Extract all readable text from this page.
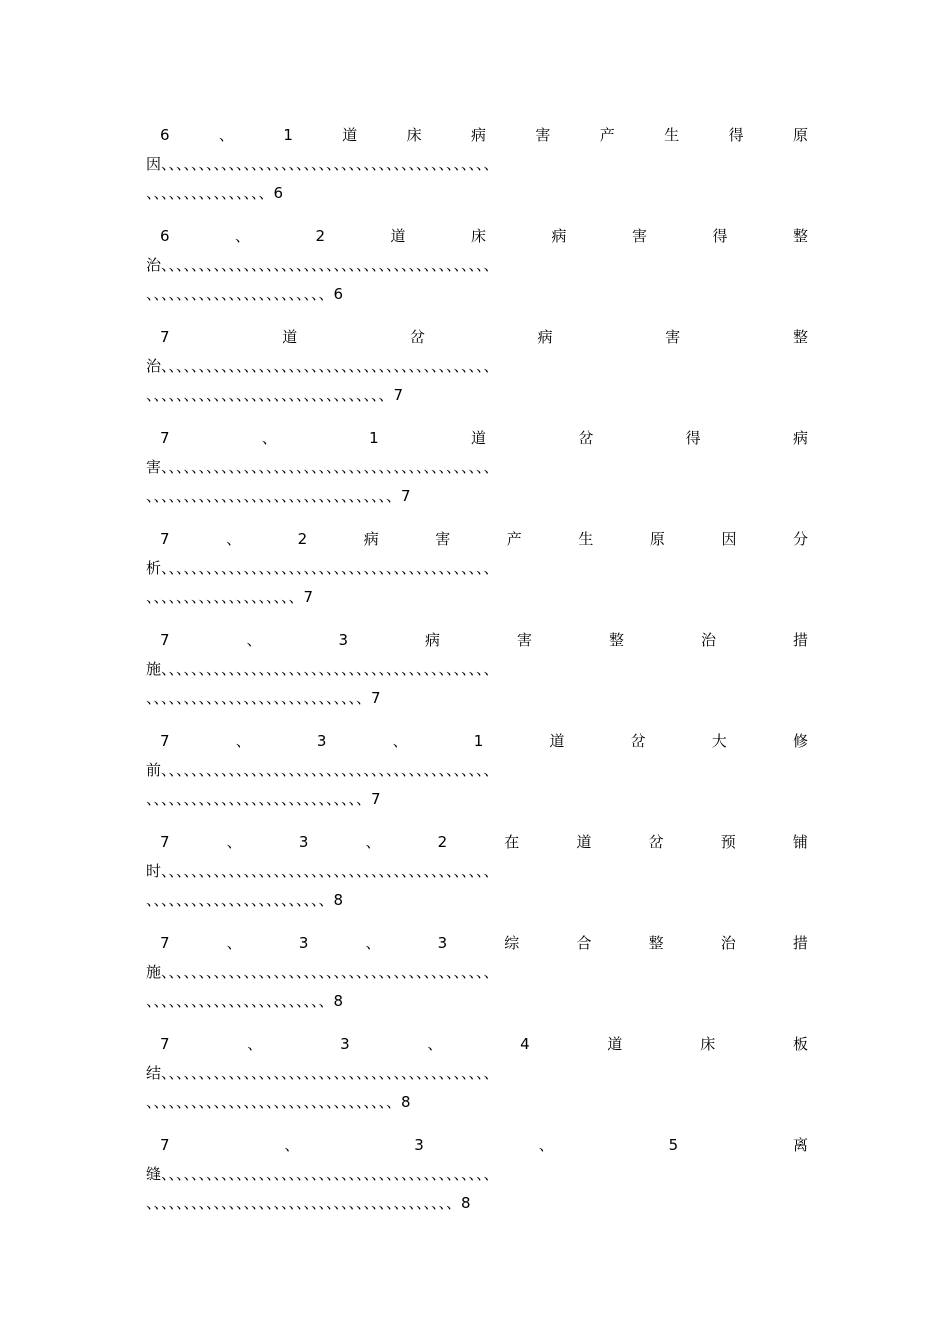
6	、	1	道	床	病	害	产	生	得	原
因、、、、、、、、、、、、、、、、、、、、、、、、、、、、、、、、、、、、、、、、、、、、
、、、、、、、、、、、、、、、、6
6	、	2	道	床	病	害	得	整
治、、、、、、、、、、、、、、、、、、、、、、、、、、、、、、、、、、、、、、、、、、、、
、、、、、、、、、、、、、、、、、、、、、、、、6
7	道	岔	病	害	整
治、、、、、、、、、、、、、、、、、、、、、、、、、、、、、、、、、、、、、、、、、、、、
、、、、、、、、、、、、、、、、、、、、、、、、、、、、、、、、7
7	、	1	道	岔	得	病
害、、、、、、、、、、、、、、、、、、、、、、、、、、、、、、、、、、、、、、、、、、、、
、、、、、、、、、、、、、、、、、、、、、、、、、、、、、、、、、7
7	、	2	病	害	产	生	原	因	分
析、、、、、、、、、、、、、、、、、、、、、、、、、、、、、、、、、、、、、、、、、、、、
、、、、、、、、、、、、、、、、、、、、7
7	、	3	病	害	整	治	措
施、、、、、、、、、、、、、、、、、、、、、、、、、、、、、、、、、、、、、、、、、、、、
、、、、、、、、、、、、、、、、、、、、、、、、、、、、、7
7	、	3	、	1	道	岔	大	修
前、、、、、、、、、、、、、、、、、、、、、、、、、、、、、、、、、、、、、、、、、、、、
、、、、、、、、、、、、、、、、、、、、、、、、、、、、、7
7	、	3	、	2	在	道	岔	预	铺
时、、、、、、、、、、、、、、、、、、、、、、、、、、、、、、、、、、、、、、、、、、、、
、、、、、、、、、、、、、、、、、、、、、、、、8
7	、	3	、	3	综	合	整	治	措
施、、、、、、、、、、、、、、、、、、、、、、、、、、、、、、、、、、、、、、、、、、、、
、、、、、、、、、、、、、、、、、、、、、、、、8
7	、	3	、	4	道	床	板
结、、、、、、、、、、、、、、、、、、、、、、、、、、、、、、、、、、、、、、、、、、、、
、、、、、、、、、、、、、、、、、、、、、、、、、、、、、、、、、8
7	、	3	、	5	离
缝、、、、、、、、、、、、、、、、、、、、、、、、、、、、、、、、、、、、、、、、、、、、
、、、、、、、、、、、、、、、、、、、、、、、、、、、、、、、、、、、、、、、、、8
